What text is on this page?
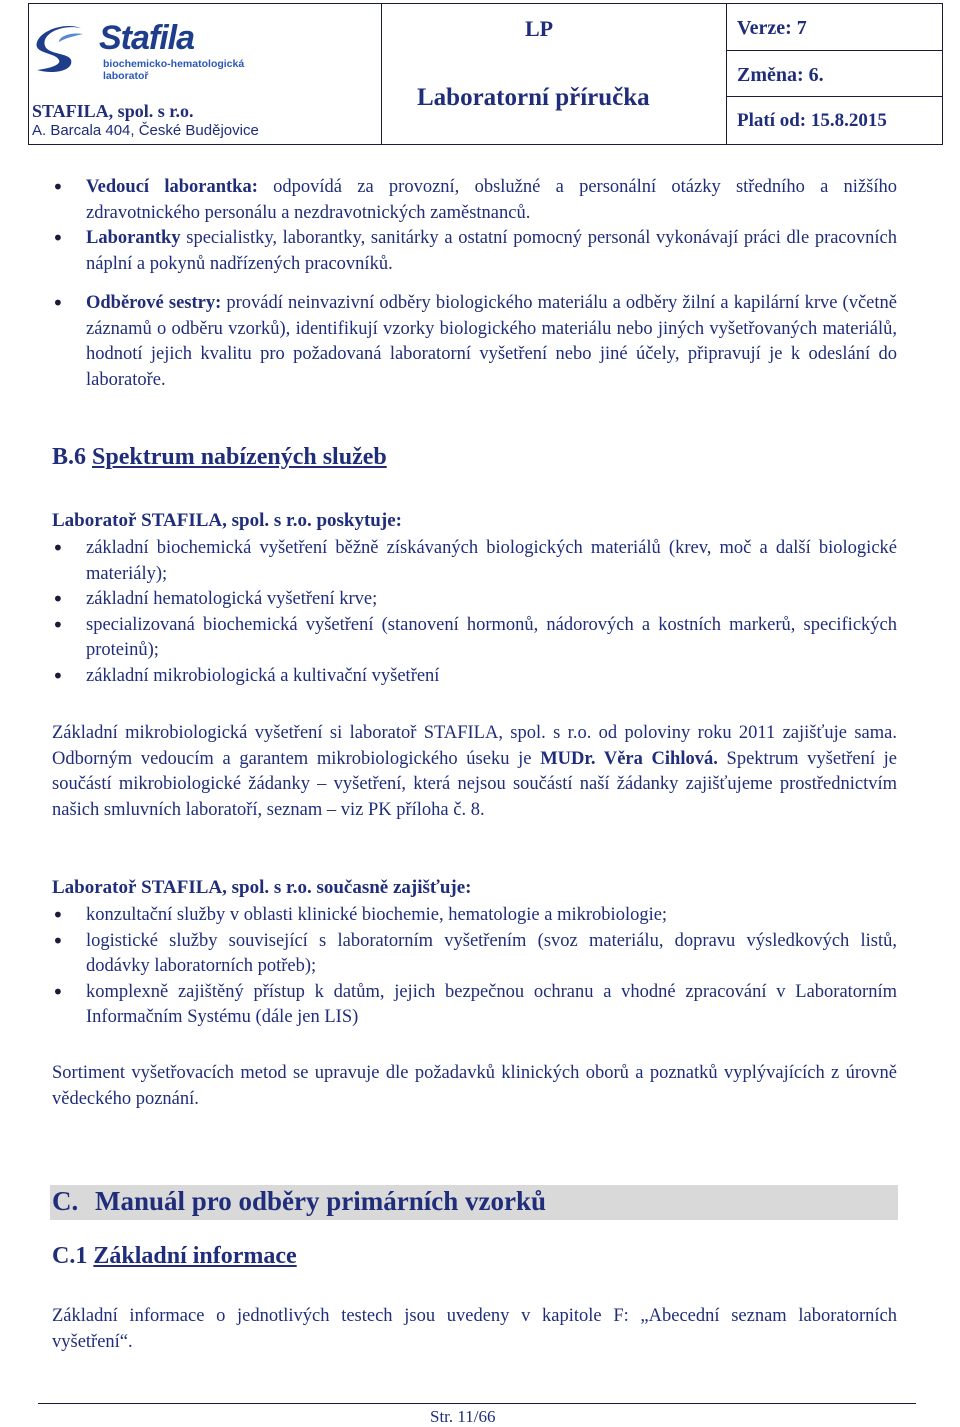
Stafila
biochemicko-hematologická
laboratoř
STAFILA, spol. s r.o.
A. Barcala 404, České Budějovice
LP
Laboratorní příručka
Verze: 7
Změna: 6.
Platí od: 15.8.2015
• Vedoucí laborantka: odpovídá za provozní, obslužné a personální otázky středního a nižšího zdravotnického personálu a nezdravotnických zaměstnanců.
• Laborantky specialistky, laborantky, sanitárky a ostatní pomocný personál vykonávají práci dle pracovních náplní a pokynů nadřízených pracovníků.
• Odběrové sestry: provádí neinvazivní odběry biologického materiálu a odběry žilní a kapilární krve (včetně záznamů o odběru vzorků), identifikují vzorky biologického materiálu nebo jiných vyšetřovaných materiálů, hodnotí jejich kvalitu pro požadovaná laboratorní vyšetření nebo jiné účely, připravují je k odeslání do laboratoře.
B.6 Spektrum nabízených služeb
Laboratoř STAFILA, spol. s r.o. poskytuje:
• základní biochemická vyšetření běžně získávaných biologických materiálů (krev, moč a další biologické materiály);
• základní hematologická vyšetření krve;
• specializovaná biochemická vyšetření (stanovení hormonů, nádorových a kostních markerů, specifických proteinů);
• základní mikrobiologická a kultivační vyšetření

Základní mikrobiologická vyšetření si laboratoř STAFILA, spol. s r.o. od poloviny roku 2011 zajišťuje sama. Odborným vedoucím a garantem mikrobiologického úseku je MUDr. Věra Cihlová. Spektrum vyšetření je součástí mikrobiologické žádanky – vyšetření, která nejsou součástí naší žádanky zajišťujeme prostřednictvím našich smluvních laboratoří, seznam – viz PK příloha č. 8.

Laboratoř STAFILA, spol. s r.o. současně zajišťuje:
• konzultační služby v oblasti klinické biochemie, hematologie a mikrobiologie;
• logistické služby související s laboratorním vyšetřením (svoz materiálu, dopravu výsledkových listů, dodávky laboratorních potřeb);
• komplexně zajištěný přístup k datům, jejich bezpečnou ochranu a vhodné zpracování v Laboratorním Informačním Systému (dále jen LIS)

Sortiment vyšetřovacích metod se upravuje dle požadavků klinických oborů a poznatků vyplývajících z úrovně vědeckého poznání.

C. Manuál pro odběry primárních vzorků
C.1 Základní informace

Základní informace o jednotlivých testech jsou uvedeny v kapitole F: „Abecední seznam laboratorních vyšetření“.

Str. 11/66
